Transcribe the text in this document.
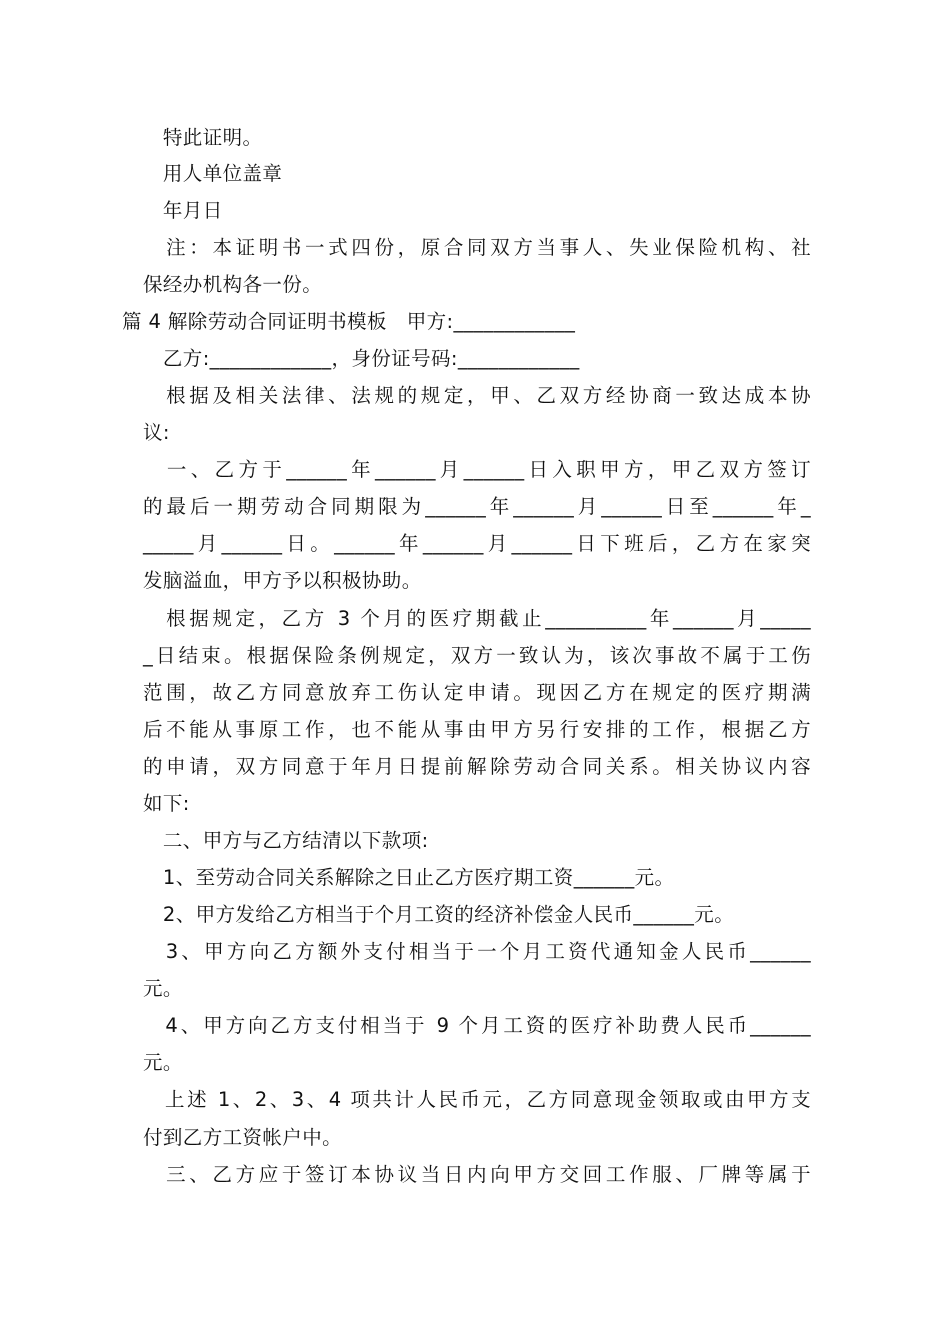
　特此证明。
　用人单位盖章
　年月日
　注：本证明书一式四份，原合同双方当事人、失业保险机构、社
保经办机构各一份。
篇 4 解除劳动合同证明书模板　甲方:____________
　乙方:____________，身份证号码:____________
　根据及相关法律、法规的规定，甲、乙双方经协商一致达成本协
议:
　一、乙方于______年______月______日入职甲方，甲乙双方签订
的最后一期劳动合同期限为______年______月______日至______年_
_____月______日。______年______月______日下班后，乙方在家突
发脑溢血，甲方予以积极协助。
　根据规定，乙方 3 个月的医疗期截止__________年______月_____
_日结束。根据保险条例规定，双方一致认为，该次事故不属于工伤
范围，故乙方同意放弃工伤认定申请。现因乙方在规定的医疗期满
后不能从事原工作，也不能从事由甲方另行安排的工作，根据乙方
的申请，双方同意于年月日提前解除劳动合同关系。相关协议内容
如下:
　二、甲方与乙方结清以下款项:
　1、至劳动合同关系解除之日止乙方医疗期工资______元。
　2、甲方发给乙方相当于个月工资的经济补偿金人民币______元。
　3、甲方向乙方额外支付相当于一个月工资代通知金人民币______
元。
　4、甲方向乙方支付相当于 9 个月工资的医疗补助费人民币______
元。
　上述 1、2、3、4 项共计人民币元，乙方同意现金领取或由甲方支
付到乙方工资帐户中。
　三、乙方应于签订本协议当日内向甲方交回工作服、厂牌等属于
